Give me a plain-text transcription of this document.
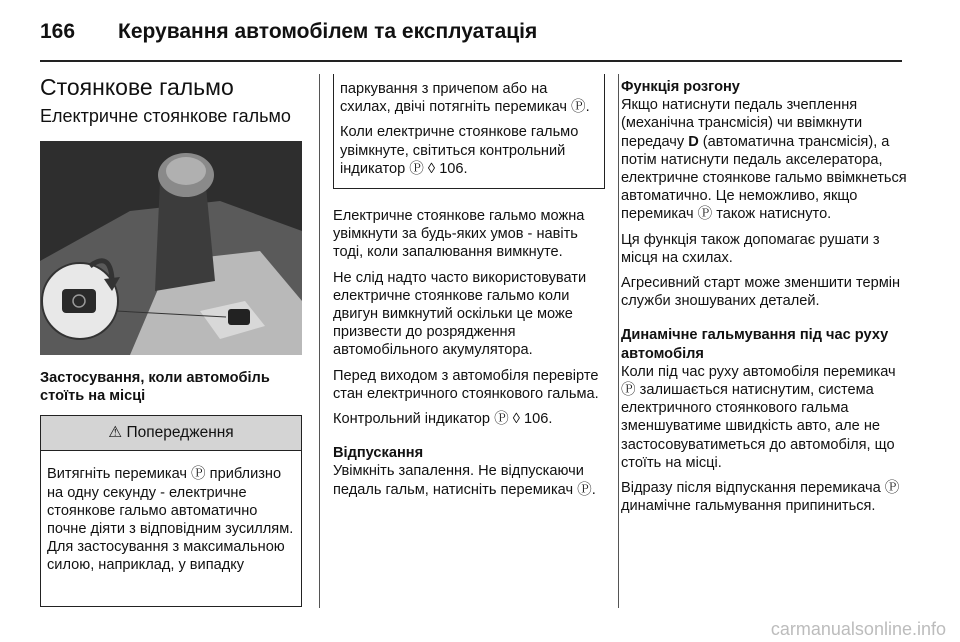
166 Керування автомобілем та експлуатація
Стоянкове гальмо
Електричне стоянкове гальмо
Застосування, коли автомобіль стоїть на місці
⚠ Попередження
Витягніть перемикач Ⓟ приблизно на одну секунду - електричне стоянкове гальмо автоматично почне діяти з відповідним зусиллям. Для застосування з максимальною силою, наприклад, у випадку

паркування з причепом або на схилах, двічі потягніть перемикач Ⓟ.

Коли електричне стоянкове гальмо увімкнуте, світиться контрольний індикатор Ⓟ ◊ 106.

Електричне стоянкове гальмо можна увімкнути за будь-яких умов - навіть тоді, коли запалювання вимкнуте.

Не слід надто часто використовувати електричне стоянкове гальмо коли двигун вимкнутий оскільки це може призвести до розрядження автомобільного акумулятора.

Перед виходом з автомобіля перевірте стан електричного стоянкового гальма.

Контрольний індикатор Ⓟ ◊ 106.

Відпускання

Увімкніть запалення. Не відпускаючи педаль гальм, натисніть перемикач Ⓟ.

Функція розгону

Якщо натиснути педаль зчеплення (механічна трансмісія) чи ввімкнути передачу D (автоматична трансмісія), а потім натиснути педаль акселератора, електричне стоянкове гальмо ввімкнеться автоматично. Це неможливо, якщо перемикач Ⓟ також натиснуто.

Ця функція також допомагає рушати з місця на схилах.

Агресивний старт може зменшити термін служби зношуваних деталей.

Динамічне гальмування під час руху автомобіля

Коли під час руху автомобіля перемикач Ⓟ залишається натиснутим, система електричного стоянкового гальма зменшуватиме швидкість авто, але не застосовуватиметься до автомобіля, що стоїть на місці.

Відразу після відпускання перемикача Ⓟ динамічне гальмування припиниться.

carmanualsonline.info
